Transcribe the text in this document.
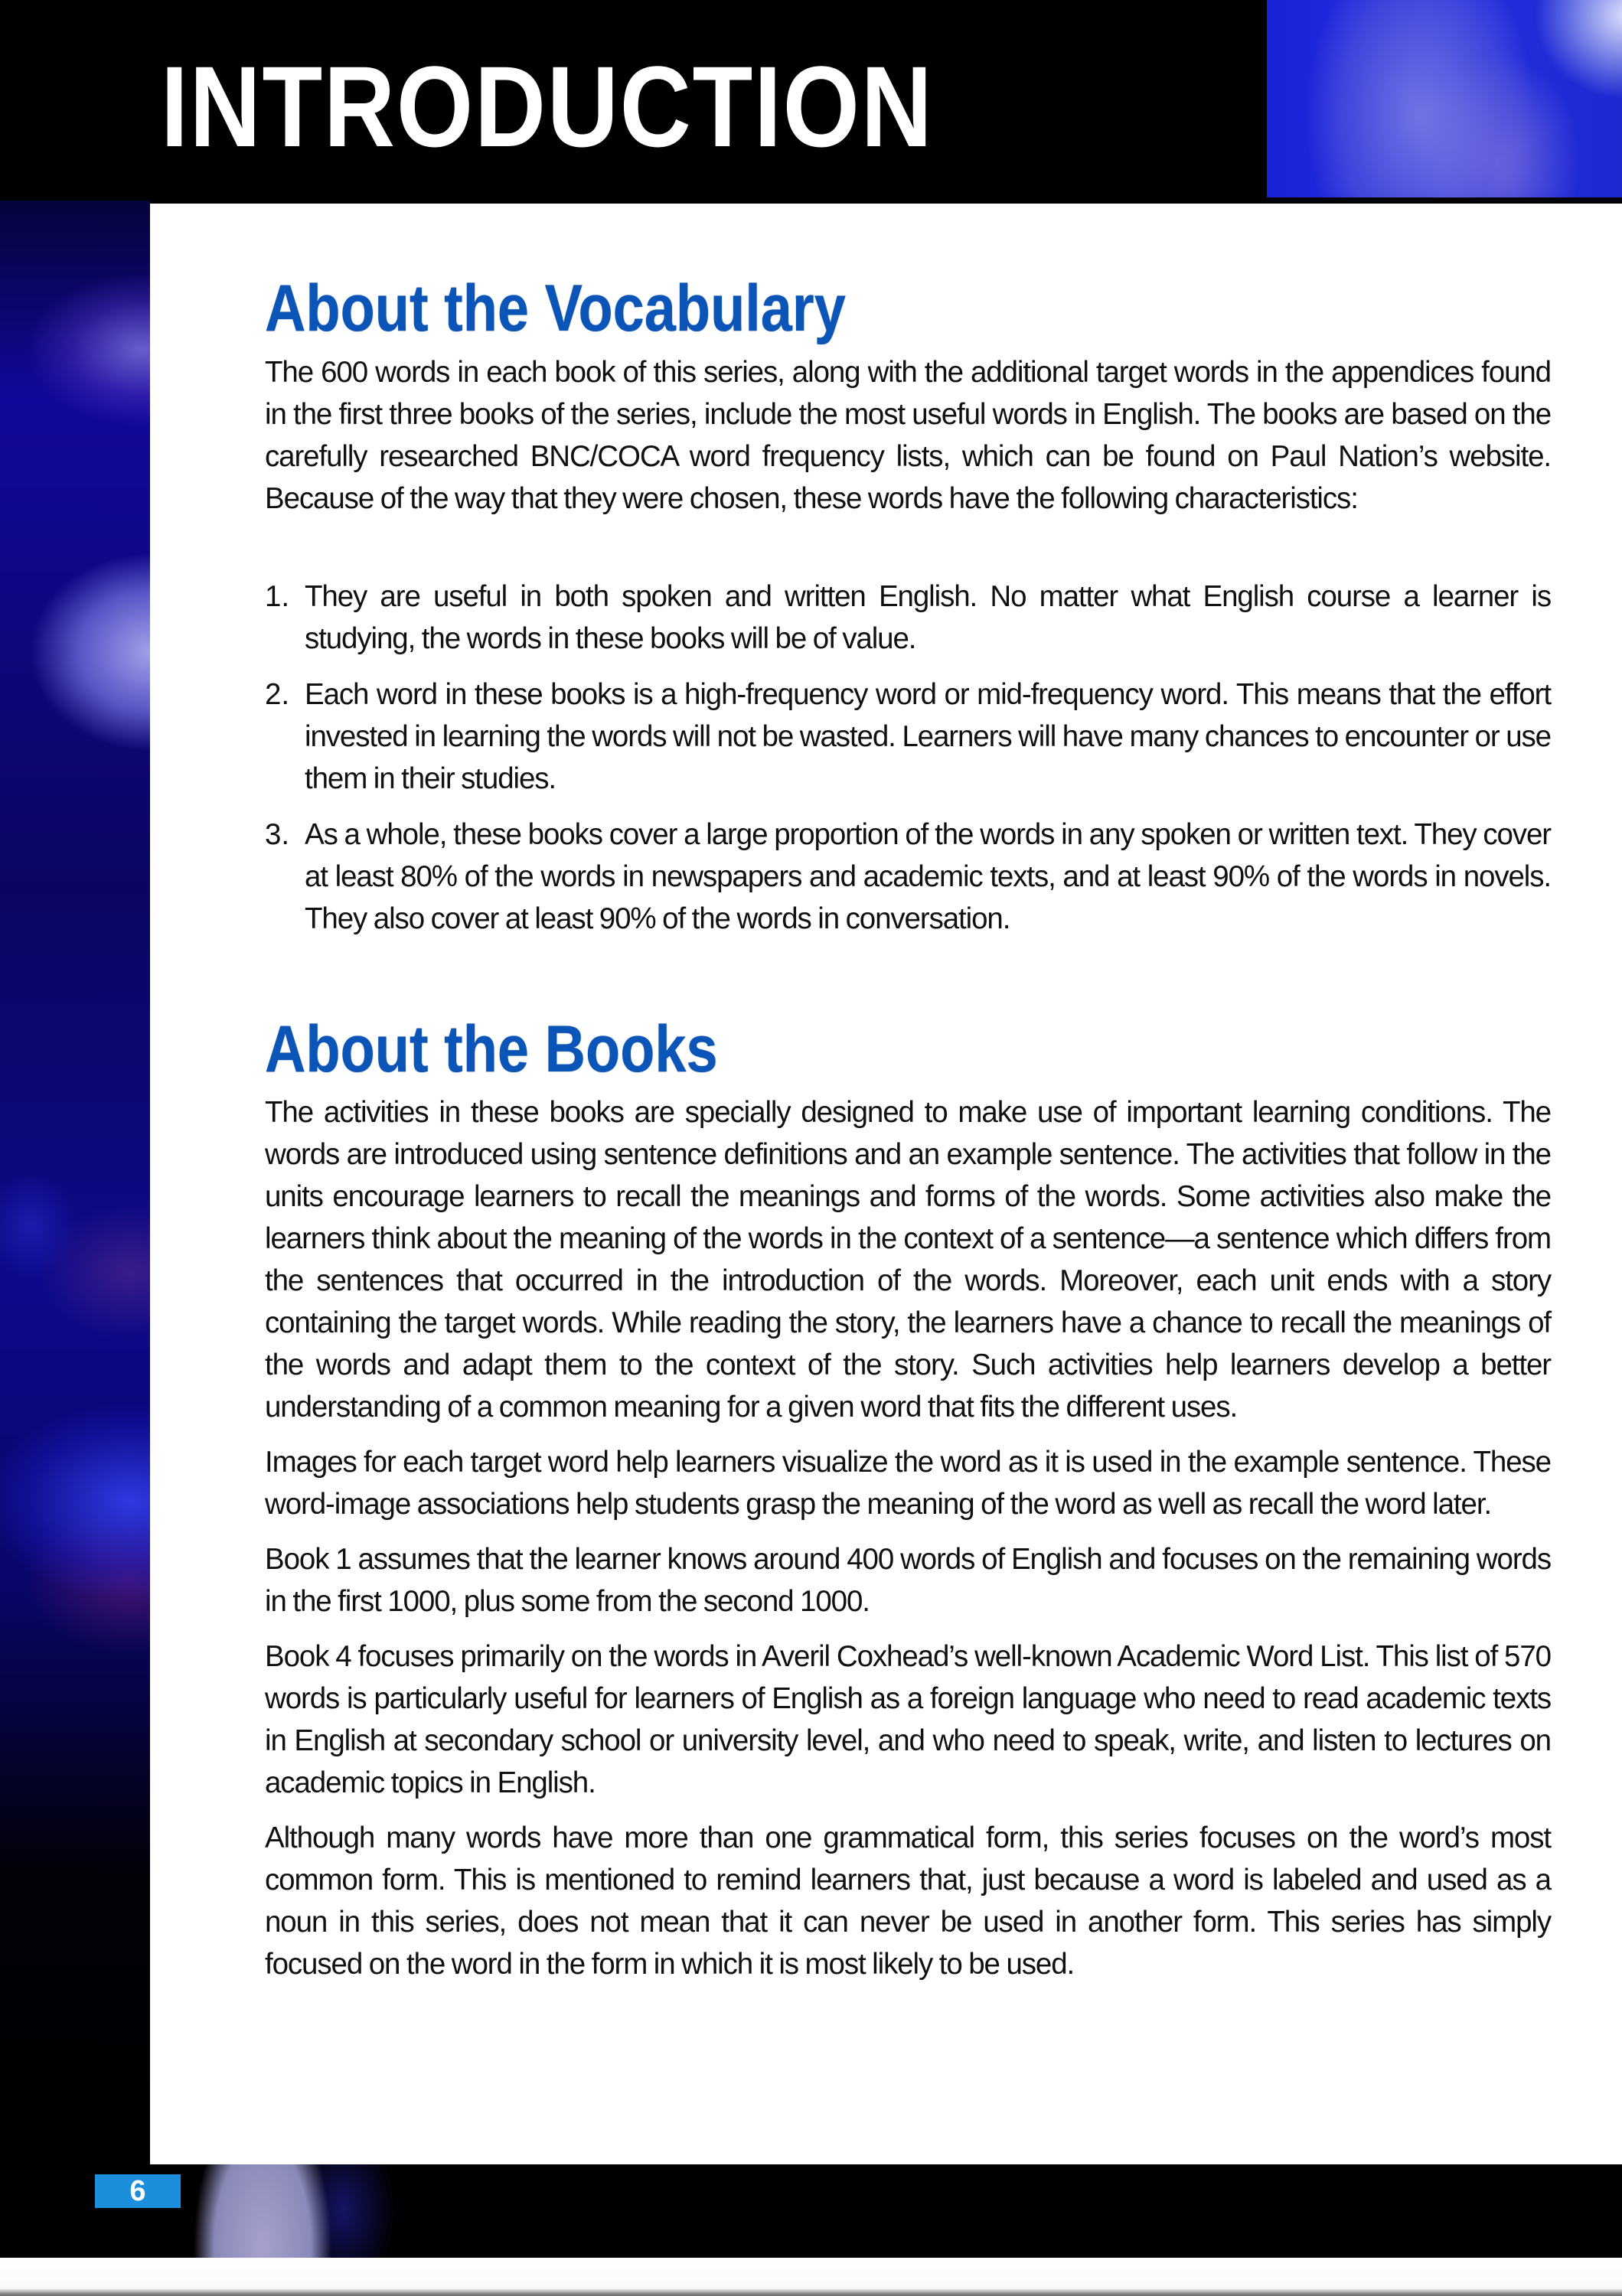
INTRODUCTION
About the Vocabulary

The 600 words in each book of this series, along with the additional target words in the appendices found in the first three books of the series, include the most useful words in English. The books are based on the carefully researched BNC/COCA word frequency lists, which can be found on Paul Nation’s website. Because of the way that they were chosen, these words have the following characteristics:

1. They are useful in both spoken and written English. No matter what English course a learner is studying, the words in these books will be of value.

2. Each word in these books is a high-frequency word or mid-frequency word. This means that the effort invested in learning the words will not be wasted. Learners will have many chances to encounter or use them in their studies.

3. As a whole, these books cover a large proportion of the words in any spoken or written text. They cover at least 80% of the words in newspapers and academic texts, and at least 90% of the words in novels. They also cover at least 90% of the words in conversation.

About the Books

The activities in these books are specially designed to make use of important learning conditions. The words are introduced using sentence definitions and an example sentence. The activities that follow in the units encourage learners to recall the meanings and forms of the words. Some activities also make the learners think about the meaning of the words in the context of a sentence—a sentence which differs from the sentences that occurred in the introduction of the words. Moreover, each unit ends with a story containing the target words. While reading the story, the learners have a chance to recall the meanings of the words and adapt them to the context of the story. Such activities help learners develop a better understanding of a common meaning for a given word that fits the different uses.

Images for each target word help learners visualize the word as it is used in the example sentence. These word-image associations help students grasp the meaning of the word as well as recall the word later.

Book 1 assumes that the learner knows around 400 words of English and focuses on the remaining words in the first 1000, plus some from the second 1000.

Book 4 focuses primarily on the words in Averil Coxhead’s well-known Academic Word List. This list of 570 words is particularly useful for learners of English as a foreign language who need to read academic texts in English at secondary school or university level, and who need to speak, write, and listen to lectures on academic topics in English.

Although many words have more than one grammatical form, this series focuses on the word’s most common form. This is mentioned to remind learners that, just because a word is labeled and used as a noun in this series, does not mean that it can never be used in another form. This series has simply focused on the word in the form in which it is most likely to be used.

6
